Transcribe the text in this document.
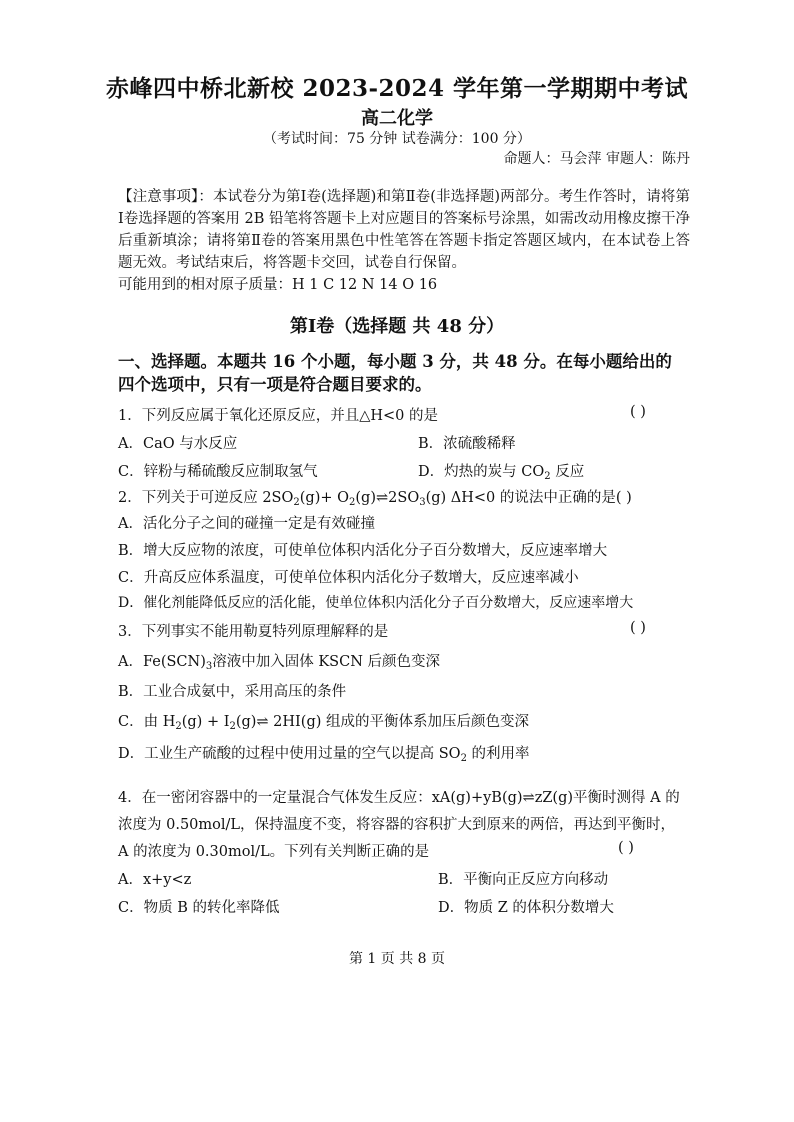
赤峰四中桥北新校 2023-2024 学年第一学期期中考试
高二化学
（考试时间：75 分钟 试卷满分：100 分）
命题人：马会萍 审题人：陈丹
【注意事项】：本试卷分为第Ⅰ卷(选择题)和第Ⅱ卷(非选择题)两部分。考生作答时，请将第Ⅰ卷选择题的答案用 2B 铅笔将答题卡上对应题目的答案标号涂黑，如需改动用橡皮擦干净后重新填涂；请将第Ⅱ卷的答案用黑色中性笔答在答题卡指定答题区域内，在本试卷上答题无效。考试结束后，将答题卡交回，试卷自行保留。
可能用到的相对原子质量：H 1 C 12 N 14 O 16
第Ⅰ卷（选择题 共 48 分）
一、选择题。本题共 16 个小题，每小题 3 分，共 48 分。在每小题给出的四个选项中，只有一项是符合题目要求的。
1．下列反应属于氧化还原反应，并且△H<0 的是	( )
A．CaO 与水反应	B．浓硫酸稀释
C．锌粉与稀硫酸反应制取氢气	D．灼热的炭与 $CO_2$ 反应
2．下列关于可逆反应 $2SO_2(g)+$ $O_2(g)\rightleftharpoons 2SO_3(g)$ ΔH<0 的说法中正确的是( )
A．活化分子之间的碰撞一定是有效碰撞
B．增大反应物的浓度，可使单位体积内活化分子百分数增大，反应速率增大
C．升高反应体系温度，可使单位体积内活化分子数增大，反应速率减小
D．催化剂能降低反应的活化能，使单位体积内活化分子百分数增大，反应速率增大
3．下列事实不能用勒夏特列原理解释的是	( )
A．$Fe(SCN)_3$溶液中加入固体 KSCN 后颜色变深
B．工业合成氨中，采用高压的条件
C．由 $H_2(g)$ + $I_2(g)\rightleftharpoons$ 2HI(g) 组成的平衡体系加压后颜色变深
D．工业生产硫酸的过程中使用过量的空气以提高 $SO_2$ 的利用率
4．在一密闭容器中的一定量混合气体发生反应：xA(g)+yB(g)⇌zZ(g)平衡时测得 A 的
浓度为 0.50mol/L，保持温度不变，将容器的容积扩大到原来的两倍，再达到平衡时，
A 的浓度为 0.30mol/L。下列有关判断正确的是	( )
A．x+y<z	B．平衡向正反应方向移动
C．物质 B 的转化率降低	D．物质 Z 的体积分数增大
第 1 页 共 8 页
